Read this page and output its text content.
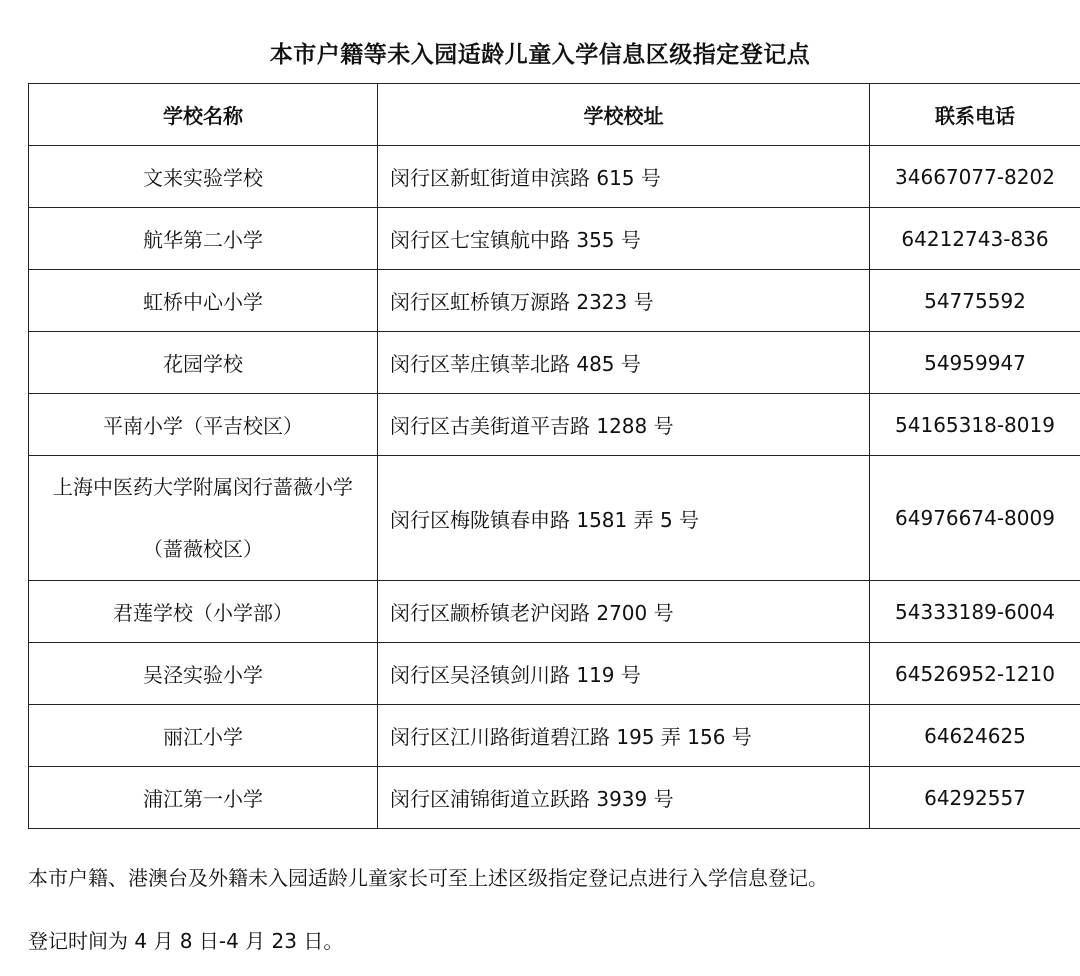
本市户籍等未入园适龄儿童入学信息区级指定登记点
学校名称	学校校址	联系电话
文来实验学校	闵行区新虹街道申滨路 615 号	34667077-8202
航华第二小学	闵行区七宝镇航中路 355 号	64212743-836
虹桥中心小学	闵行区虹桥镇万源路 2323 号	54775592
花园学校	闵行区莘庄镇莘北路 485 号	54959947
平南小学（平吉校区）	闵行区古美街道平吉路 1288 号	54165318-8019

上海中医药大学附属闵行蔷薇小学
（蔷薇校区）	闵行区梅陇镇春申路 1581 弄 5 号	64976674-8009
君莲学校（小学部）	闵行区颛桥镇老沪闵路 2700 号	54333189-6004
吴泾实验小学	闵行区吴泾镇剑川路 119 号	64526952-1210
丽江小学	闵行区江川路街道碧江路 195 弄 156 号	64624625
浦江第一小学	闵行区浦锦街道立跃路 3939 号	64292557
本市户籍、港澳台及外籍未入园适龄儿童家长可至上述区级指定登记点进行入学信息登记。
登记时间为 4 月 8 日-4 月 23 日。
